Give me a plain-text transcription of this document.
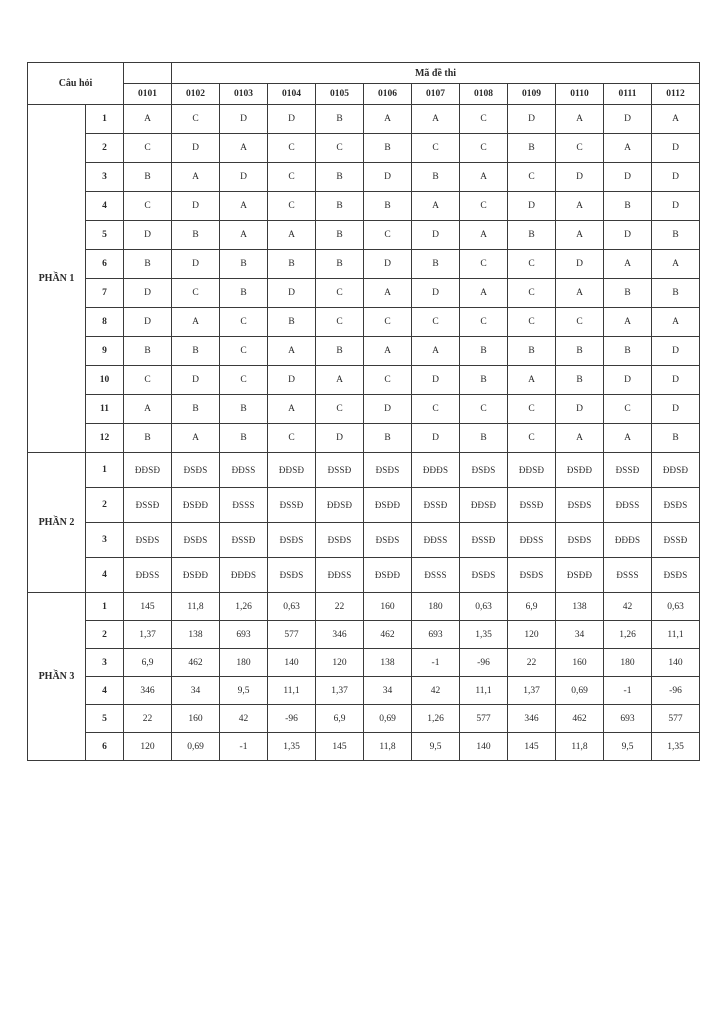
Câu hỏi			Mã đề thi										
		0101	0102	0103	0104	0105	0106	0107	0108	0109	0110	0111	0112
PHẦN 1	1	A	C	D	D	B	A	A	C	D	A	D	A
	2	C	D	A	C	C	B	C	C	B	C	A	D
	3	B	A	D	C	B	D	B	A	C	D	D	D
	4	C	D	A	C	B	B	A	C	D	A	B	D
	5	D	B	A	A	B	C	D	A	B	A	D	B
	6	B	D	B	B	B	D	B	C	C	D	A	A
	7	D	C	B	D	C	A	D	A	C	A	B	B
	8	D	A	C	B	C	C	C	C	C	C	A	A
	9	B	B	C	A	B	A	A	B	B	B	B	D
	10	C	D	C	D	A	C	D	B	A	B	D	D
	11	A	B	B	A	C	D	C	C	C	D	C	D
	12	B	A	B	C	D	B	D	B	C	A	A	B
PHẦN 2	1	ĐĐSĐ	ĐSĐS	ĐĐSS	ĐĐSĐ	ĐSSĐ	ĐSĐS	ĐĐĐS	ĐSĐS	ĐĐSĐ	ĐSĐĐ	ĐSSĐ	ĐĐSĐ
	2	ĐSSĐ	ĐSĐĐ	ĐSSS	ĐSSĐ	ĐĐSĐ	ĐSĐĐ	ĐSSĐ	ĐĐSĐ	ĐSSĐ	ĐSĐS	ĐĐSS	ĐSĐS
	3	ĐSĐS	ĐSĐS	ĐSSĐ	ĐSĐS	ĐSĐS	ĐSĐS	ĐĐSS	ĐSSĐ	ĐĐSS	ĐSĐS	ĐĐĐS	ĐSSĐ
	4	ĐĐSS	ĐSĐĐ	ĐĐĐS	ĐSĐS	ĐĐSS	ĐSĐĐ	ĐSSS	ĐSĐS	ĐSĐS	ĐSĐĐ	ĐSSS	ĐSĐS
PHẦN 3	1	145	11,8	1,26	0,63	22	160	180	0,63	6,9	138	42	0,63
	2	1,37	138	693	577	346	462	693	1,35	120	34	1,26	11,1
	3	6,9	462	180	140	120	138	-1	-96	22	160	180	140
	4	346	34	9,5	11,1	1,37	34	42	11,1	1,37	0,69	-1	-96
	5	22	160	42	-96	6,9	0,69	1,26	577	346	462	693	577
	6	120	0,69	-1	1,35	145	11,8	9,5	140	145	11,8	9,5	1,35
